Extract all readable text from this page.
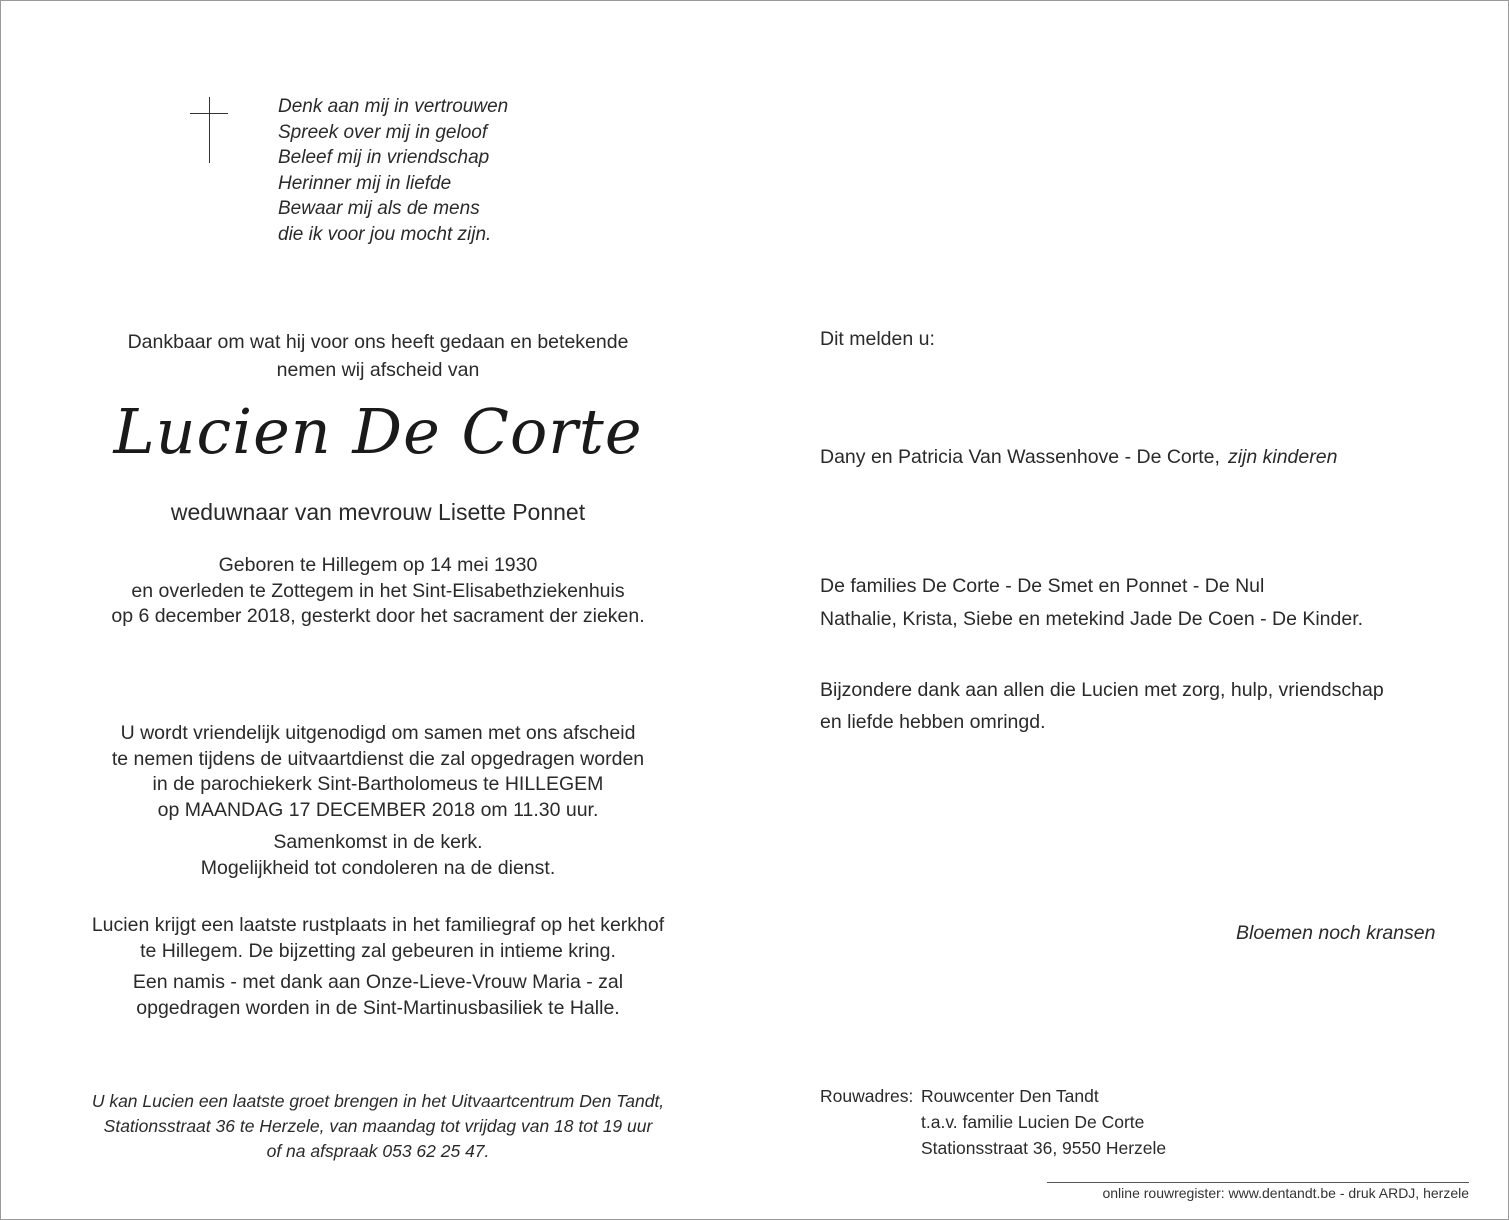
Denk aan mij in vertrouwen
Spreek over mij in geloof
Beleef mij in vriendschap
Herinner mij in liefde
Bewaar mij als de mens
die ik voor jou mocht zijn.
Dankbaar om wat hij voor ons heeft gedaan en betekende
nemen wij afscheid van
Lucien De Corte
weduwnaar van mevrouw Lisette Ponnet
Geboren te Hillegem op 14 mei 1930
en overleden te Zottegem in het Sint-Elisabethziekenhuis
op 6 december 2018, gesterkt door het sacrament der zieken.
U wordt vriendelijk uitgenodigd om samen met ons afscheid
te nemen tijdens de uitvaartdienst die zal opgedragen worden
in de parochiekerk Sint-Bartholomeus te HILLEGEM
op MAANDAG 17 DECEMBER 2018 om 11.30 uur.
Samenkomst in de kerk.
Mogelijkheid tot condoleren na de dienst.
Lucien krijgt een laatste rustplaats in het familiegraf op het kerkhof
te Hillegem. De bijzetting zal gebeuren in intieme kring.
Een namis - met dank aan Onze-Lieve-Vrouw Maria - zal
opgedragen worden in de Sint-Martinusbasiliek te Halle.
U kan Lucien een laatste groet brengen in het Uitvaartcentrum Den Tandt,
Stationsstraat 36 te Herzele, van maandag tot vrijdag van 18 tot 19 uur
of na afspraak 053 62 25 47.
Dit melden u:
Dany en Patricia Van Wassenhove - De Corte, zijn kinderen
De families De Corte - De Smet en Ponnet - De Nul
Nathalie, Krista, Siebe en metekind Jade De Coen - De Kinder.
Bijzondere dank aan allen die Lucien met zorg, hulp, vriendschap
en liefde hebben omringd.
Bloemen noch kransen
Rouwadres: Rouwcenter Den Tandt
t.a.v. familie Lucien De Corte
Stationsstraat 36, 9550 Herzele
online rouwregister: www.dentandt.be - druk ARDJ, herzele
